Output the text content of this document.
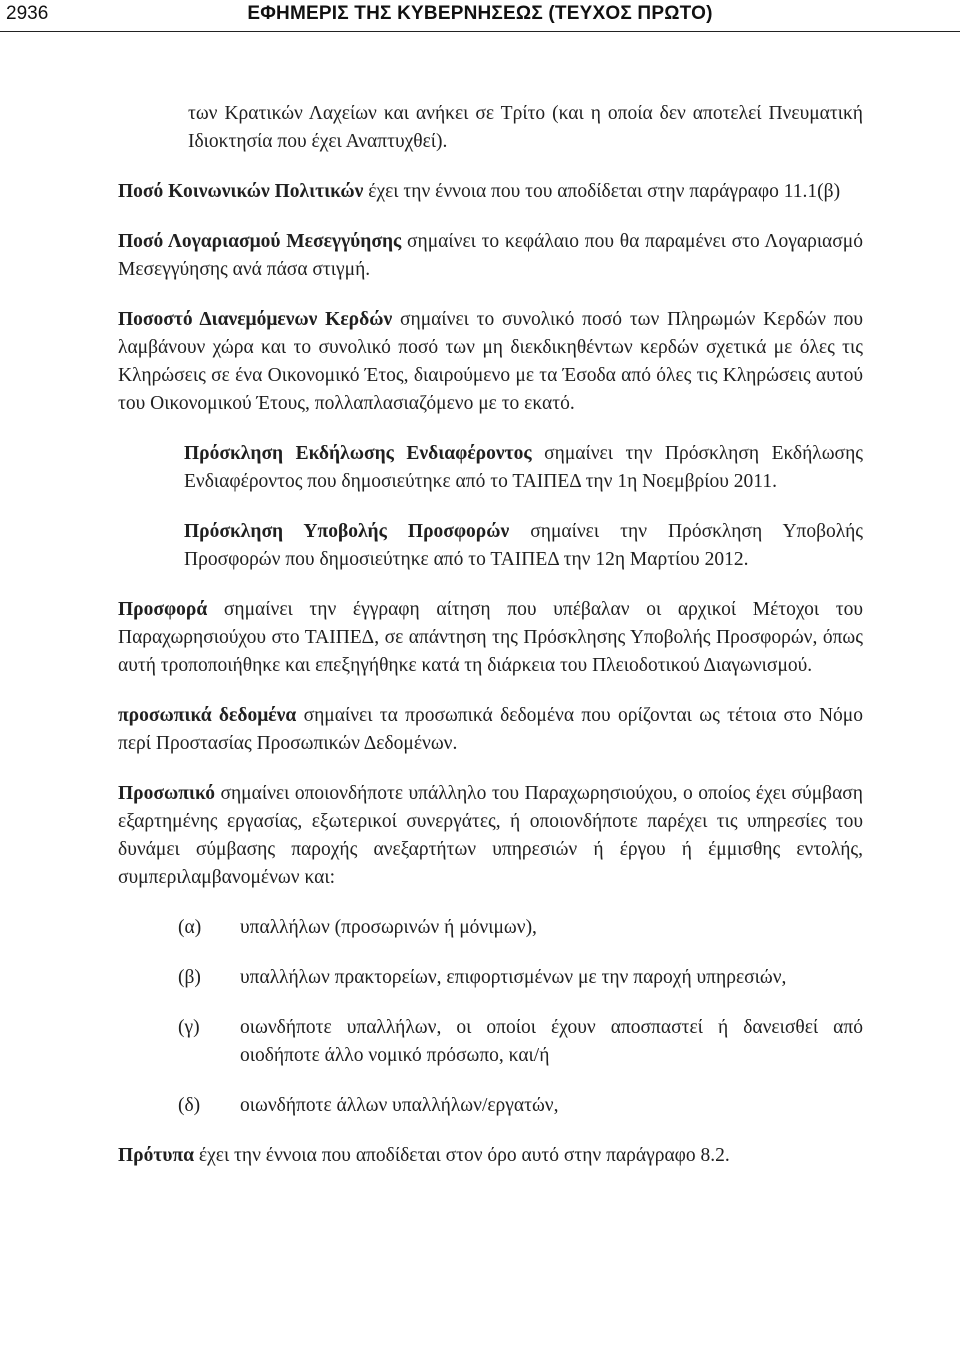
2936	ΕΦΗΜΕΡΙΣ ΤΗΣ ΚΥΒΕΡΝΗΣΕΩΣ (ΤΕΥΧΟΣ ΠΡΩΤΟ)

των Κρατικών Λαχείων και ανήκει σε Τρίτο (και η οποία δεν αποτελεί Πνευματική Ιδιοκτησία που έχει Αναπτυχθεί).

Ποσό Κοινωνικών Πολιτικών έχει την έννοια που του αποδίδεται στην παράγραφο 11.1(β)

Ποσό Λογαριασμού Μεσεγγύησης σημαίνει το κεφάλαιο που θα παραμένει στο Λογαριασμό Μεσεγγύησης ανά πάσα στιγμή.

Ποσοστό Διανεμόμενων Κερδών σημαίνει το συνολικό ποσό των Πληρωμών Κερδών που λαμβάνουν χώρα και το συνολικό ποσό των μη διεκδικηθέντων κερδών σχετικά με όλες τις Κληρώσεις σε ένα Οικονομικό Έτος, διαιρούμενο με τα Έσοδα από όλες τις Κληρώσεις αυτού του Οικονομικού Έτους, πολλαπλασιαζόμενο με το εκατό.

Πρόσκληση Εκδήλωσης Ενδιαφέροντος σημαίνει την Πρόσκληση Εκδήλωσης Ενδιαφέροντος που δημοσιεύτηκε από το ΤΑΙΠΕΔ την 1η Νοεμβρίου 2011.

Πρόσκληση Υποβολής Προσφορών σημαίνει την Πρόσκληση Υποβολής Προσφορών που δημοσιεύτηκε από το ΤΑΙΠΕΔ την 12η Μαρτίου 2012.

Προσφορά σημαίνει την έγγραφη αίτηση που υπέβαλαν οι αρχικοί Μέτοχοι του Παραχωρησιούχου στο ΤΑΙΠΕΔ, σε απάντηση της Πρόσκλησης Υποβολής Προσφορών, όπως αυτή τροποποιήθηκε και επεξηγήθηκε κατά τη διάρκεια του Πλειοδοτικού Διαγωνισμού.

προσωπικά δεδομένα σημαίνει τα προσωπικά δεδομένα που ορίζονται ως τέτοια στο Νόμο περί Προστασίας Προσωπικών Δεδομένων.

Προσωπικό σημαίνει οποιονδήποτε υπάλληλο του Παραχωρησιούχου, ο οποίος έχει σύμβαση εξαρτημένης εργασίας, εξωτερικοί συνεργάτες, ή οποιονδήποτε παρέχει τις υπηρεσίες του δυνάμει σύμβασης παροχής ανεξαρτήτων υπηρεσιών ή έργου ή έμμισθης εντολής, συμπεριλαμβανομένων και:

(α)	υπαλλήλων (προσωρινών ή μόνιμων),
(β)	υπαλλήλων πρακτορείων, επιφορτισμένων με την παροχή υπηρεσιών,
(γ)	οιωνδήποτε υπαλλήλων, οι οποίοι έχουν αποσπαστεί ή δανεισθεί από οιοδήποτε άλλο νομικό πρόσωπο, και/ή
(δ)	οιωνδήποτε άλλων υπαλλήλων/εργατών,

Πρότυπα έχει την έννοια που αποδίδεται στον όρο αυτό στην παράγραφο 8.2.
